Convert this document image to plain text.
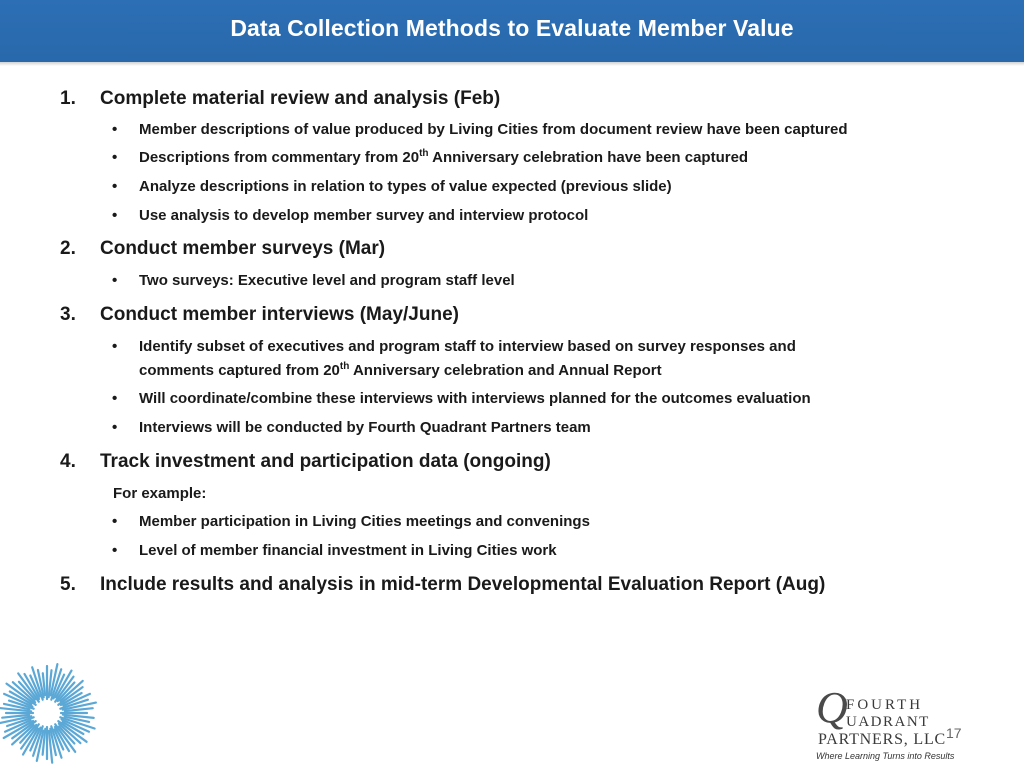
Data Collection Methods to Evaluate Member Value
1. Complete material review and analysis (Feb)
• Member descriptions of value produced by Living Cities from document review have been captured
• Descriptions from commentary from 20th Anniversary celebration have been captured
• Analyze descriptions in relation to types of value expected (previous slide)
• Use analysis to develop member survey and interview protocol
2. Conduct member surveys (Mar)
• Two surveys: Executive level and program staff level
3. Conduct member interviews (May/June)
• Identify subset of executives and program staff to interview based on survey responses and
comments captured from 20th Anniversary celebration and Annual Report
• Will coordinate/combine these interviews with interviews planned for the outcomes evaluation
• Interviews will be conducted by Fourth Quadrant Partners team
4. Track investment and participation data (ongoing)
For example:
• Member participation in Living Cities meetings and convenings
• Level of member financial investment in Living Cities work
5. Include results and analysis in mid-term Developmental Evaluation Report (Aug)
Q
FOURTH
UADRANT
PARTNERS, LLC
Where Learning Turns into Results
17
